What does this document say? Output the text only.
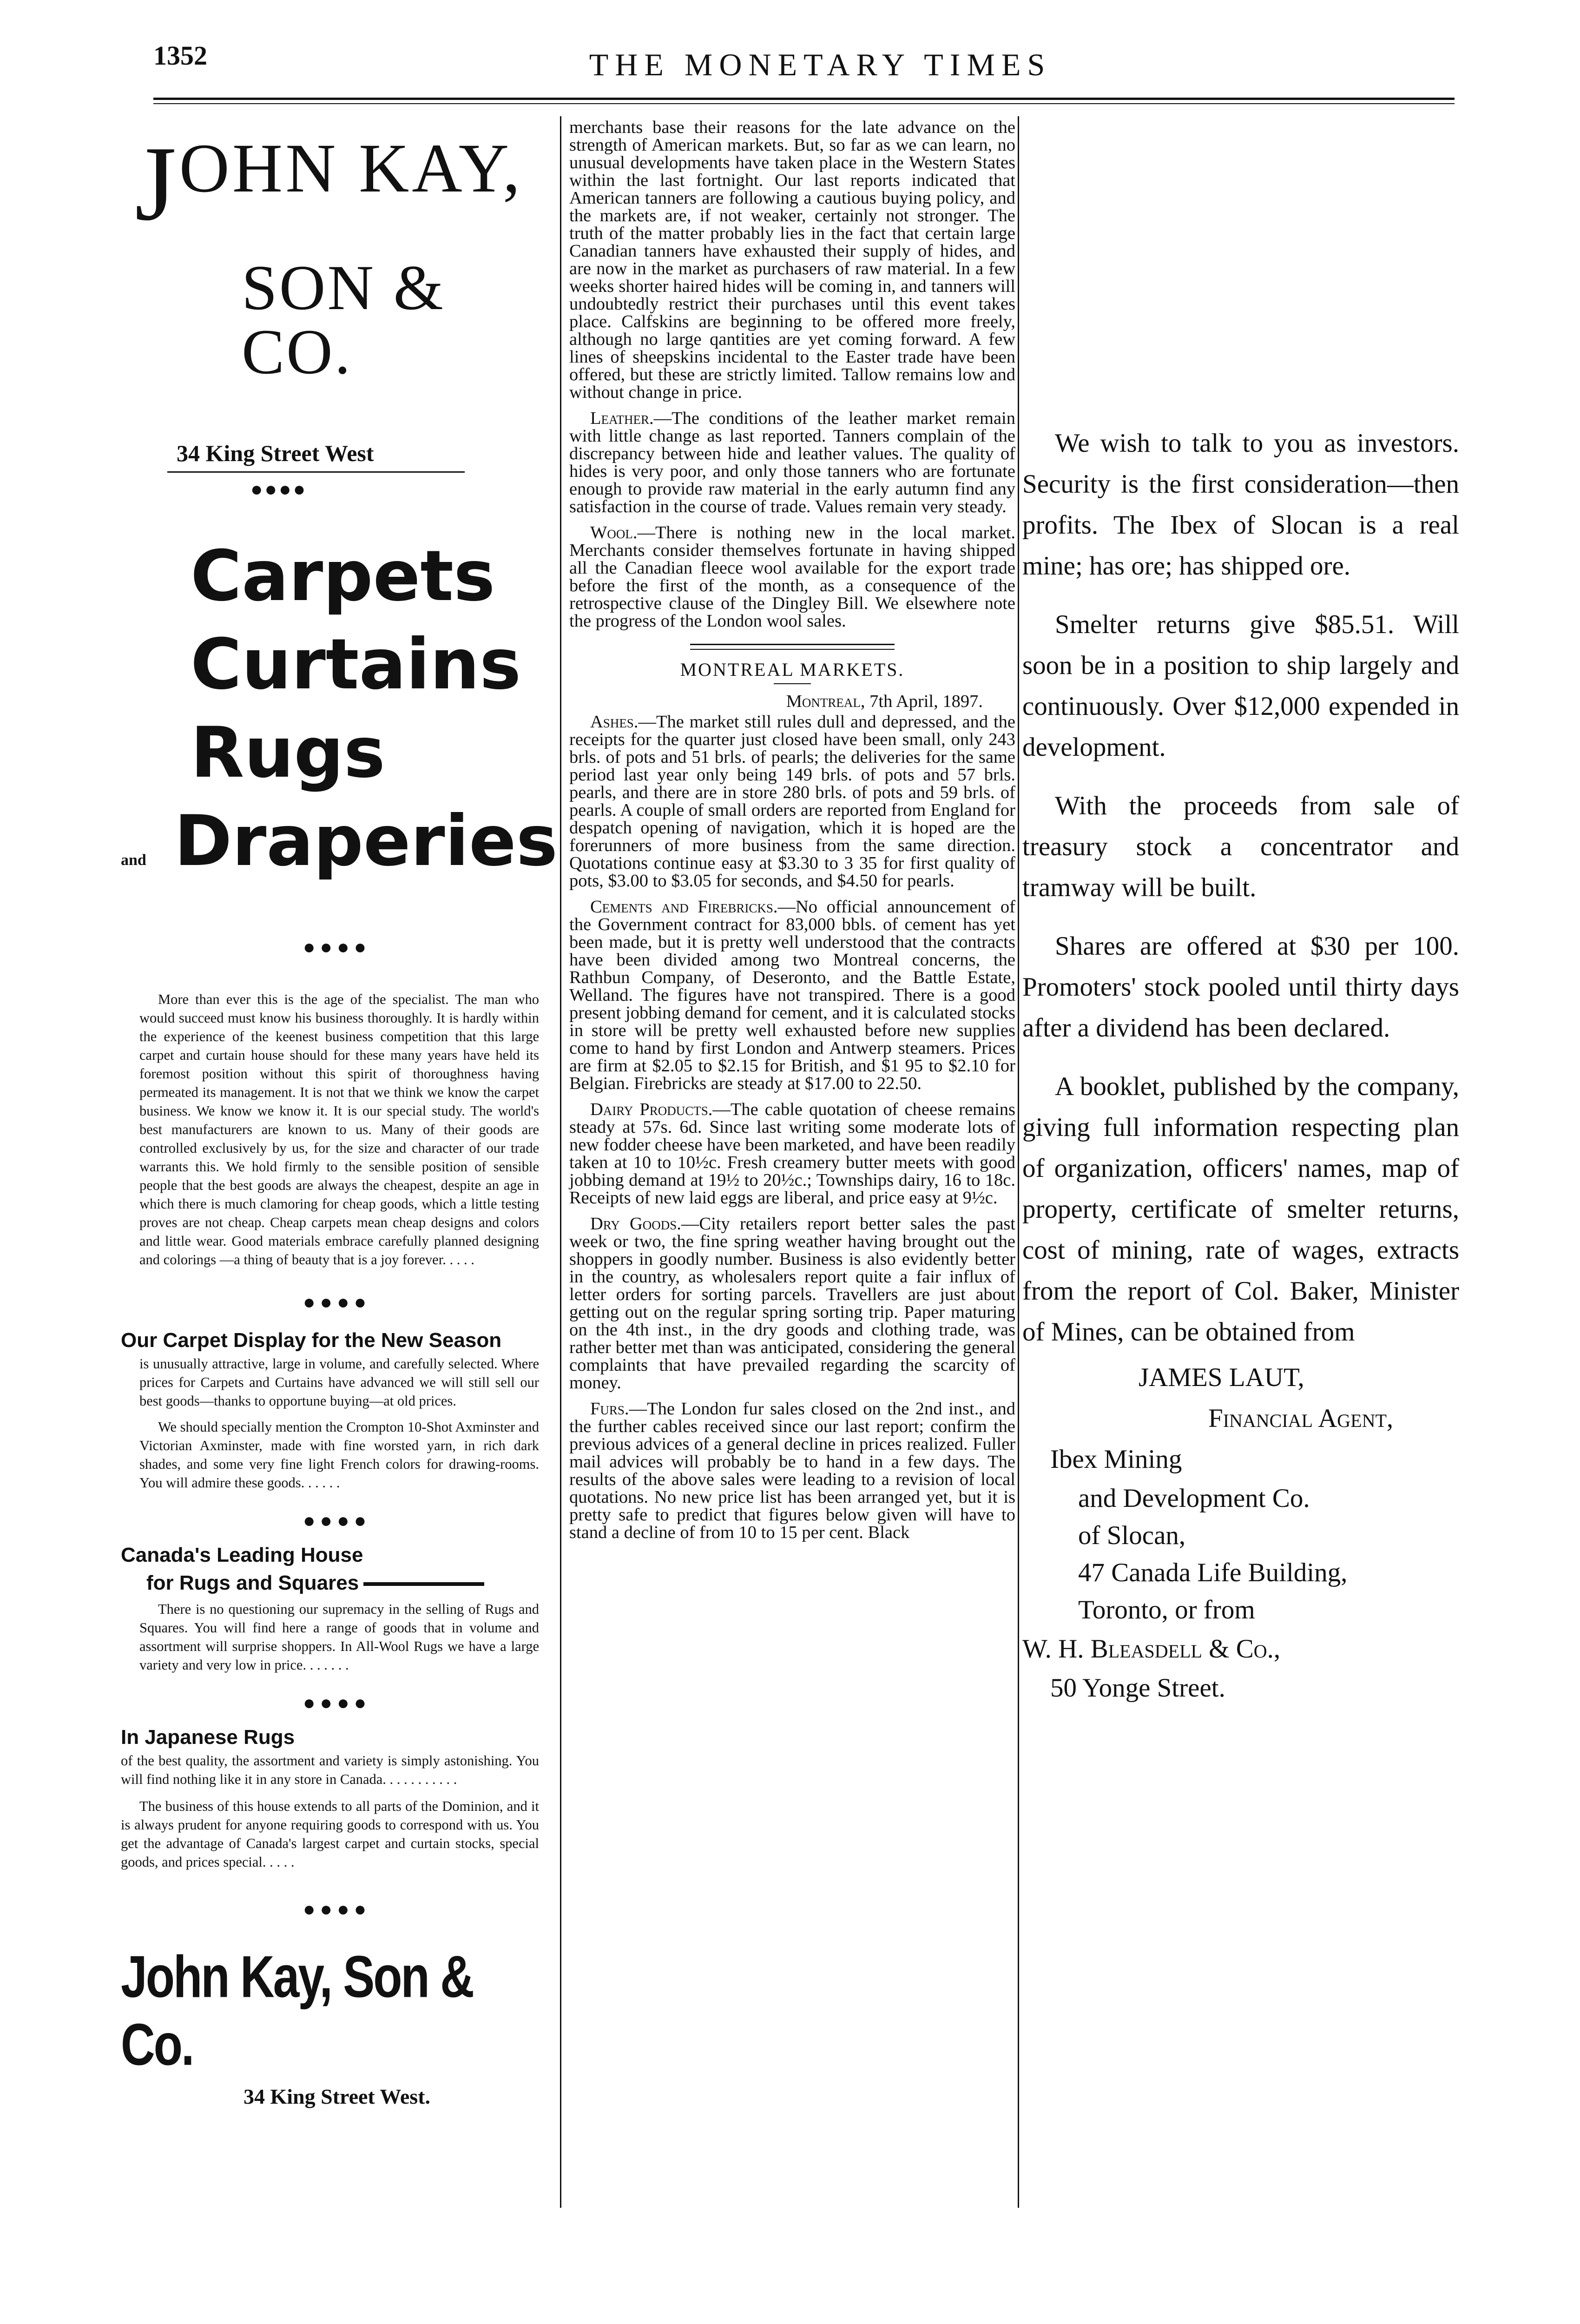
1352	THE MONETARY TIMES
JOHN KAY,
SON & CO.
34 King Street West
●●●●
Carpets
Curtains
Rugs
and Draperies
●●●●
More than ever this is the age of the specialist. The man who would succeed must know his business thoroughly. It is hardly within the experience of the keenest business competition that this large carpet and curtain house should for these many years have held its foremost position without this spirit of thoroughness having permeated its management. It is not that we think we know the carpet business. We know we know it. It is our special study. The world's best manufacturers are known to us. Many of their goods are controlled exclusively by us, for the size and character of our trade warrants this. We hold firmly to the sensible position of sensible people that the best goods are always the cheapest, despite an age in which there is much clamoring for cheap goods, which a little testing proves are not cheap. Cheap carpets mean cheap designs and colors and little wear. Good materials embrace carefully planned designing and colorings —a thing of beauty that is a joy forever. . . . .
●●●●
Our Carpet Display for the New Season
is unusually attractive, large in volume, and carefully selected. Where prices for Carpets and Curtains have advanced we will still sell our best goods—thanks to opportune buying—at old prices.
We should specially mention the Crompton 10-Shot Axminster and Victorian Axminster, made with fine worsted yarn, in rich dark shades, and some very fine light French colors for drawing-rooms. You will admire these goods. . . . . .
●●●●
Canada's Leading House
for Rugs and Squares
There is no questioning our supremacy in the selling of Rugs and Squares. You will find here a range of goods that in volume and assortment will surprise shoppers. In All-Wool Rugs we have a large variety and very low in price. . . . . . .
●●●●
In Japanese Rugs
of the best quality, the assortment and variety is simply astonishing. You will find nothing like it in any store in Canada. . . . . . . . . . .
The business of this house extends to all parts of the Dominion, and it is always prudent for anyone requiring goods to correspond with us. You get the advantage of Canada's largest carpet and curtain stocks, special goods, and prices special. . . . .
●●●●
John Kay, Son & Co.
34 King Street West.

merchants base their reasons for the late advance on the strength of American markets. But, so far as we can learn, no unusual developments have taken place in the Western States within the last fortnight. Our last reports indicated that American tanners are following a cautious buying policy, and the markets are, if not weaker, certainly not stronger. The truth of the matter probably lies in the fact that certain large Canadian tanners have exhausted their supply of hides, and are now in the market as purchasers of raw material. In a few weeks shorter haired hides will be coming in, and tanners will undoubtedly restrict their purchases until this event takes place. Calfskins are beginning to be offered more freely, although no large qantities are yet coming forward. A few lines of sheepskins incidental to the Easter trade have been offered, but these are strictly limited. Tallow remains low and without change in price.

Leather.—The conditions of the leather market remain with little change as last reported. Tanners complain of the discrepancy between hide and leather values. The quality of hides is very poor, and only those tanners who are fortunate enough to provide raw material in the early autumn find any satisfaction in the course of trade. Values remain very steady.

Wool.—There is nothing new in the local market. Merchants consider themselves fortunate in having shipped all the Canadian fleece wool available for the export trade before the first of the month, as a consequence of the retrospective clause of the Dingley Bill. We elsewhere note the progress of the London wool sales.

MONTREAL MARKETS.
Montreal, 7th April, 1897.

Ashes.—The market still rules dull and depressed, and the receipts for the quarter just closed have been small, only 243 brls. of pots and 51 brls. of pearls; the deliveries for the same period last year only being 149 brls. of pots and 57 brls. pearls, and there are in store 280 brls. of pots and 59 brls. of pearls. A couple of small orders are reported from England for despatch opening of navigation, which it is hoped are the forerunners of more business from the same direction. Quotations continue easy at $3.30 to 3 35 for first quality of pots, $3.00 to $3.05 for seconds, and $4.50 for pearls.

Cements and Firebricks.—No official announcement of the Government contract for 83,000 bbls. of cement has yet been made, but it is pretty well understood that the contracts have been divided among two Montreal concerns, the Rathbun Company, of Deseronto, and the Battle Estate, Welland. The figures have not transpired. There is a good present jobbing demand for cement, and it is calculated stocks in store will be pretty well exhausted before new supplies come to hand by first London and Antwerp steamers. Prices are firm at $2.05 to $2.15 for British, and $1 95 to $2.10 for Belgian. Firebricks are steady at $17.00 to 22.50.

Dairy Products.—The cable quotation of cheese remains steady at 57s. 6d. Since last writing some moderate lots of new fodder cheese have been marketed, and have been readily taken at 10 to 10½c. Fresh creamery butter meets with good jobbing demand at 19½ to 20½c.; Townships dairy, 16 to 18c. Receipts of new laid eggs are liberal, and price easy at 9½c.

Dry Goods.—City retailers report better sales the past week or two, the fine spring weather having brought out the shoppers in goodly number. Business is also evidently better in the country, as wholesalers report quite a fair influx of letter orders for sorting parcels. Travellers are just about getting out on the regular spring sorting trip. Paper maturing on the 4th inst., in the dry goods and clothing trade, was rather better met than was anticipated, considering the general complaints that have prevailed regarding the scarcity of money.

Furs.—The London fur sales closed on the 2nd inst., and the further cables received since our last report; confirm the previous advices of a general decline in prices realized. Fuller mail advices will probably be to hand in a few days. The results of the above sales were leading to a revision of local quotations. No new price list has been arranged yet, but it is pretty safe to predict that figures below given will have to stand a decline of from 10 to 15 per cent. Black

We wish to talk to you as investors. Security is the first consideration—then profits. The Ibex of Slocan is a real mine; has ore; has shipped ore.

Smelter returns give $85.51. Will soon be in a position to ship largely and continuously. Over $12,000 expended in development.

With the proceeds from sale of treasury stock a concentrator and tramway will be built.

Shares are offered at $30 per 100. Promoters' stock pooled until thirty days after a dividend has been declared.

A booklet, published by the company, giving full information respecting plan of organization, officers' names, map of property, certificate of smelter returns, cost of mining, rate of wages, extracts from the report of Col. Baker, Minister of Mines, can be obtained from

JAMES LAUT,
Financial Agent,
Ibex Mining
and Development Co.
of Slocan,
47 Canada Life Building,
Toronto, or from
W. H. Bleasdell & Co.,
50 Yonge Street.
